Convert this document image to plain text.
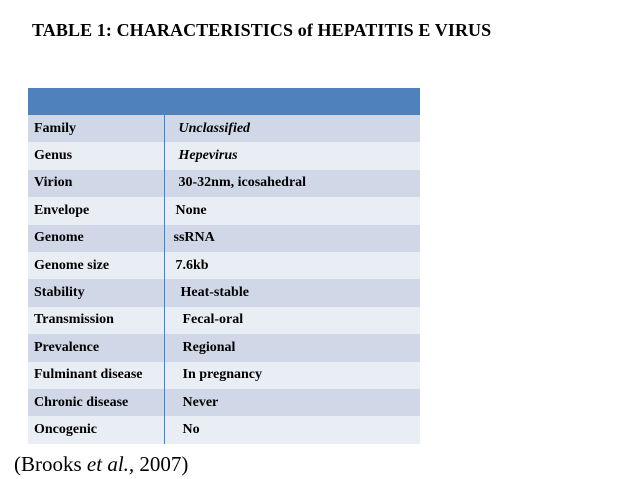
TABLE 1: CHARACTERISTICS of HEPATITIS E VIRUS

Family	Unclassified
Genus	Hepevirus
Virion	30-32nm, icosahedral
Envelope	None
Genome	ssRNA
Genome size	7.6kb
Stability	Heat-stable
Transmission	Fecal-oral
Prevalence	Regional
Fulminant disease	In pregnancy
Chronic disease	Never
Oncogenic	No
(Brooks et al., 2007)
